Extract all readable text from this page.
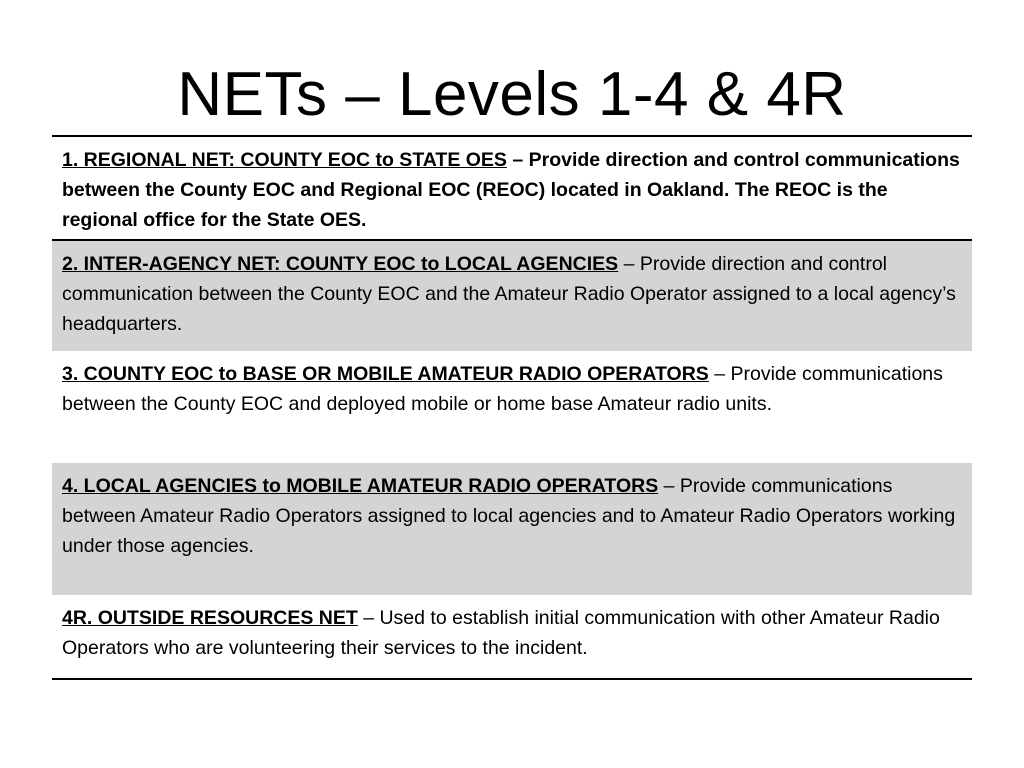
NETs – Levels 1-4 & 4R
1. REGIONAL NET: COUNTY EOC to STATE OES – Provide direction and control communications between the County EOC and Regional EOC (REOC) located in Oakland. The REOC is the regional office for the State OES.
2. INTER-AGENCY NET: COUNTY EOC to LOCAL AGENCIES – Provide direction and control communication between the County EOC and the Amateur Radio Operator assigned to a local agency’s headquarters.
3. COUNTY EOC to BASE OR MOBILE AMATEUR RADIO OPERATORS – Provide communications between the County EOC and deployed mobile or home base Amateur radio units.
4. LOCAL AGENCIES to MOBILE AMATEUR RADIO OPERATORS – Provide communications between Amateur Radio Operators assigned to local agencies and to Amateur Radio Operators working under those agencies.
4R. OUTSIDE RESOURCES NET – Used to establish initial communication with other Amateur Radio Operators who are volunteering their services to the incident.
